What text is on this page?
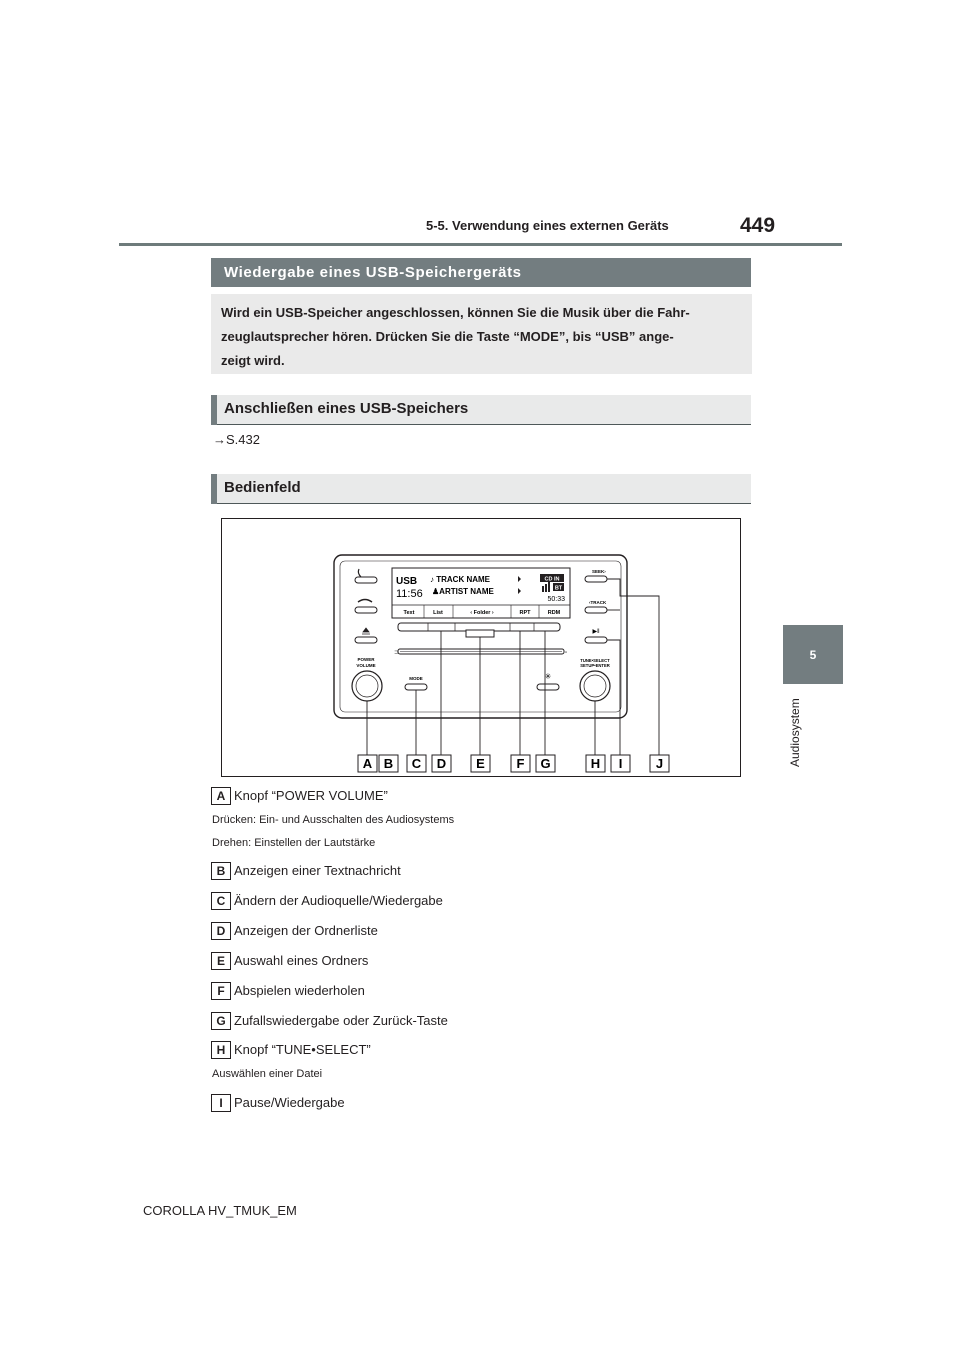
5-5. Verwendung eines externen Geräts	449
5
Audiosystem
Wiedergabe eines USB-Speichergeräts
Wird ein USB-Speicher angeschlossen, können Sie die Musik über die Fahr-
zeuglautsprecher hören. Drücken Sie die Taste “MODE”, bis “USB” ange-
zeigt wird.
Anschließen eines USB-Speichers
→S.432
Bedienfeld
POWER
VOLUME
USB
11:56
♪ TRACK NAME
♟ARTIST NAME
CD IN
BT
50:33
Text	List	‹ Folder ›	RPT	RDM
⊃	▫
MODE	✳
SEEK›
‹TRACK
▶‖
TUNE•SELECT
SETUP•ENTER
A B C D E F G	H I	J
A Knopf “POWER VOLUME”
Drücken: Ein- und Ausschalten des Audiosystems
Drehen: Einstellen der Lautstärke
B Anzeigen einer Textnachricht
C Ändern der Audioquelle/Wiedergabe
D Anzeigen der Ordnerliste
E Auswahl eines Ordners
F Abspielen wiederholen
G Zufallswiedergabe oder Zurück-Taste
H Knopf “TUNE•SELECT”
Auswählen einer Datei
I Pause/Wiedergabe
COROLLA HV_TMUK_EM
